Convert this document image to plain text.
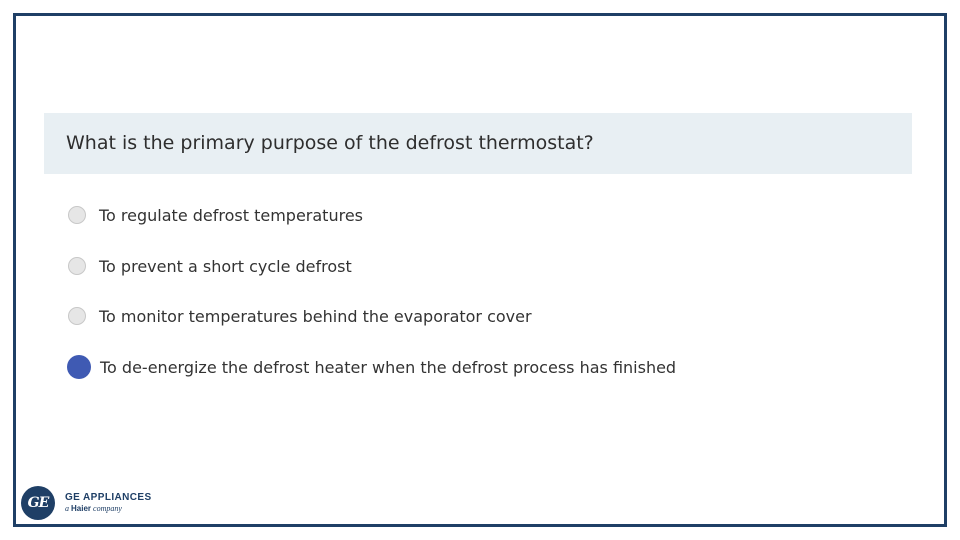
What is the primary purpose of the defrost thermostat?
To regulate defrost temperatures
To prevent a short cycle defrost
To monitor temperatures behind the evaporator cover
To de-energize the defrost heater when the defrost process has finished
GE GE APPLIANCES
a Haier company
